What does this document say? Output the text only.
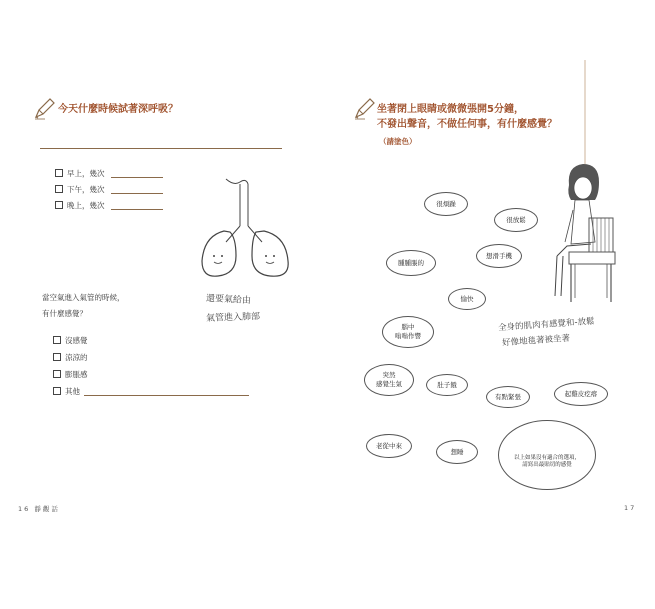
今天什麼時候試著深呼吸？
早上，幾次
下午，幾次
晚上，幾次
還要氣給由
氣管進入肺部
當空氣進入氣管的時候，
有什麼感覺？
沒感覺
涼涼的
膨脹感
其他
16 靜觀話
坐著閉上眼睛或微微張開5分鐘，
不發出聲音，不做任何事，有什麼感覺？
（請塗色）
很煩躁
很放鬆
腫腫脹的
想滑手機
愉快
腦中
嗡嗡作響
突然
感覺生氣	肚子餓
有點緊張	起雞皮疙瘩
老從中來
想睡
以上如果沒有適合的選項，
請寫出最貼切的感覺
全身的肌肉有感覺和-放鬆
好像地毯著被坐著
17
